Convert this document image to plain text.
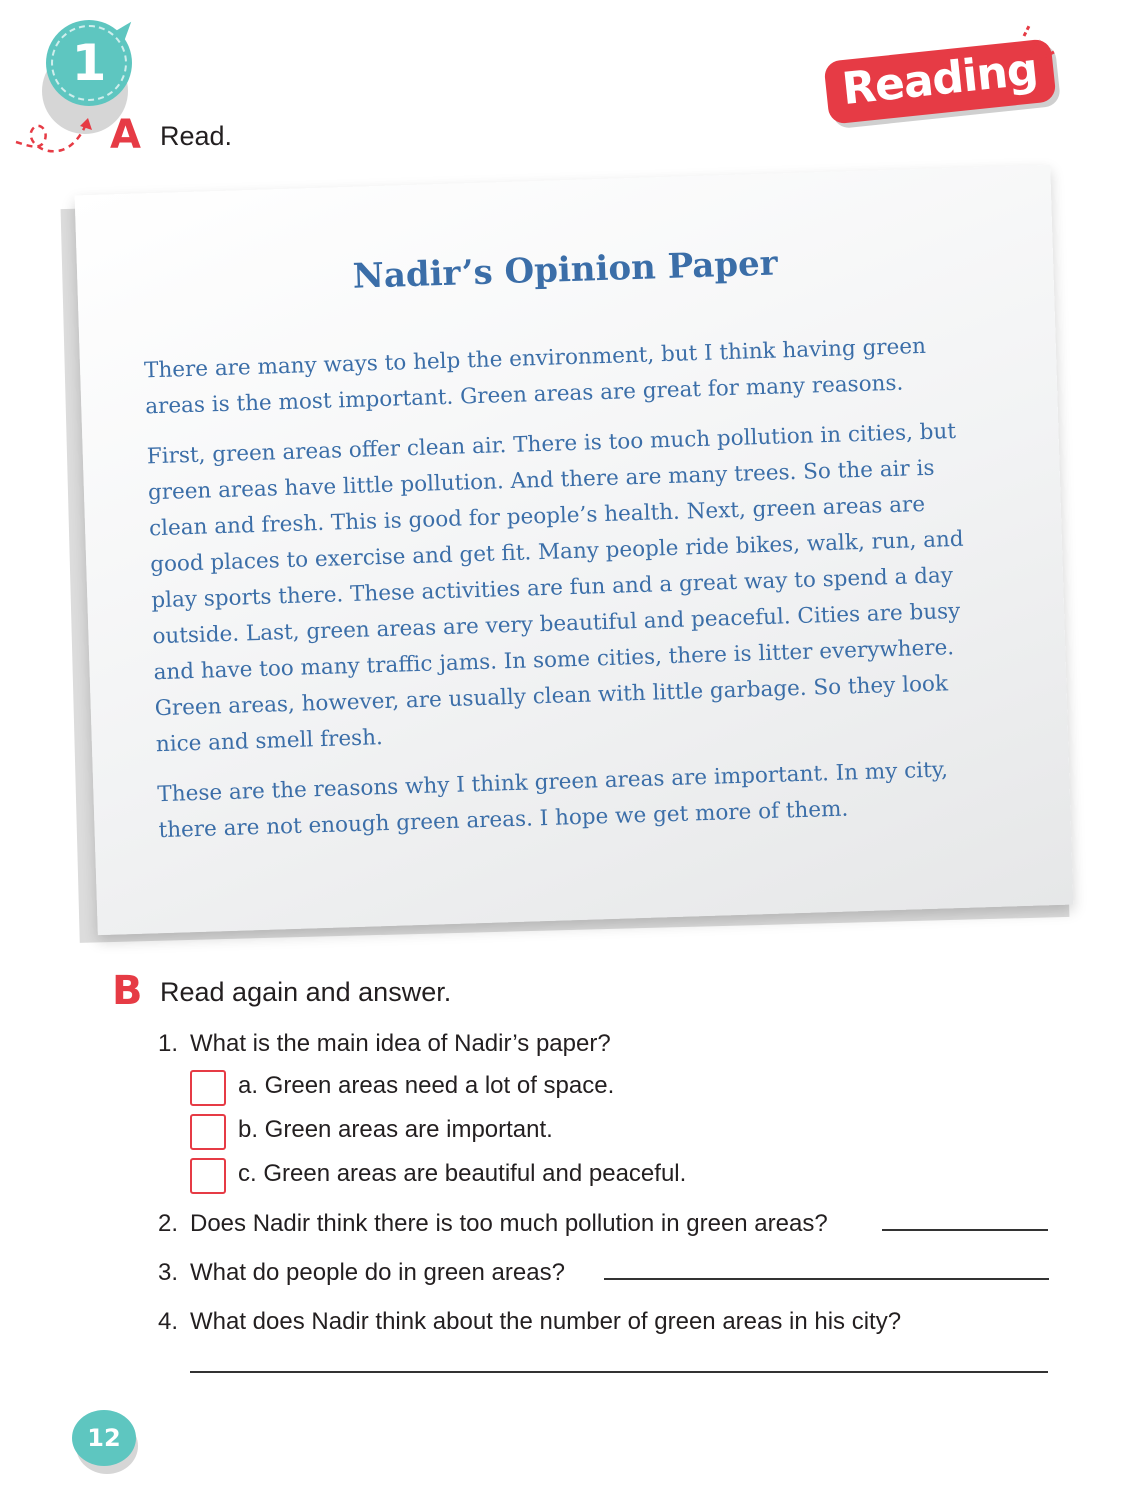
1
A Read.
Reading
Nadir’s Opinion Paper

There are many ways to help the environment, but I think having green areas is the most important. Green areas are great for many reasons.

First, green areas offer clean air. There is too much pollution in cities, but green areas have little pollution. And there are many trees. So the air is clean and fresh. This is good for people’s health. Next, green areas are good places to exercise and get fit. Many people ride bikes, walk, run, and play sports there. These activities are fun and a great way to spend a day outside. Last, green areas are very beautiful and peaceful. Cities are busy and have too many traffic jams. In some cities, there is litter everywhere. Green areas, however, are usually clean with little garbage. So they look nice and smell fresh.

These are the reasons why I think green areas are important. In my city, there are not enough green areas. I hope we get more of them.

B Read again and answer.
1. What is the main idea of Nadir’s paper?
a. Green areas need a lot of space.
b. Green areas are important.
c. Green areas are beautiful and peaceful.
2. Does Nadir think there is too much pollution in green areas?
3. What do people do in green areas?
4. What does Nadir think about the number of green areas in his city?
12
